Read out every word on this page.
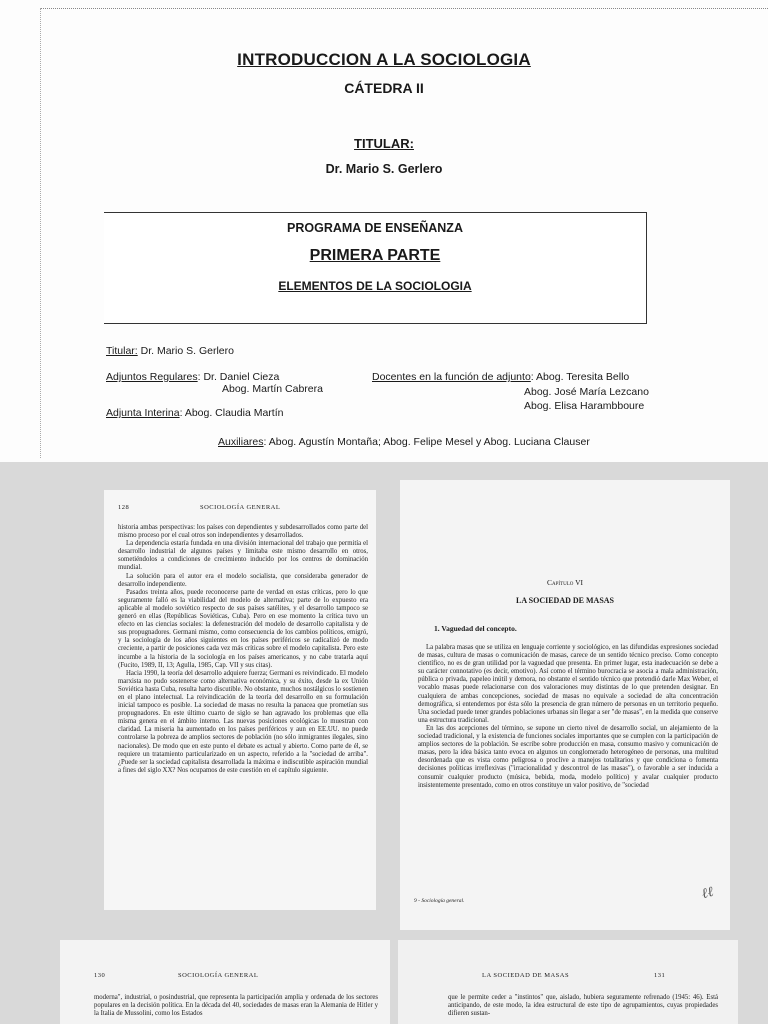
INTRODUCCION A LA SOCIOLOGIA
CÁTEDRA II
TITULAR:
Dr. Mario S. Gerlero
PROGRAMA DE ENSEÑANZA
PRIMERA PARTE
ELEMENTOS DE LA SOCIOLOGIA
Titular: Dr. Mario S. Gerlero
Adjuntos Regulares: Dr. Daniel Cieza
Abog. Martín Cabrera
Adjunta Interina: Abog. Claudia Martín
Docentes en la función de adjunto: Abog. Teresita Bello
Abog. José María Lezcano
Abog. Elisa Harambboure
Auxiliares: Abog. Agustín Montaña; Abog. Felipe Mesel y Abog. Luciana Clauser
128	SOCIOLOGÍA GENERAL

historia ambas perspectivas: los países con dependientes y subdesarrollados como parte del mismo proceso por el cual otros son independientes y desarrollados.

La dependencia estaría fundada en una división internacional del trabajo que permitía el desarrollo industrial de algunos países y limitaba este mismo desarrollo en otros, sometiéndolos a condiciones de crecimiento inducido por los centros de dominación mundial.

La solución para el autor era el modelo socialista, que consideraba generador de desarrollo independiente.

Pasados treinta años, puede reconocerse parte de verdad en estas críticas, pero lo que seguramente falló es la viabilidad del modelo de alternativa; parte de lo expuesto era aplicable al modelo soviético respecto de sus países satélites, y el desarrollo tampoco se generó en ellas (Repúblicas Soviéticas, Cuba). Pero en ese momento la crítica tuvo un efecto en las ciencias sociales: la defenestración del modelo de desarrollo capitalista y de sus propugnadores. Germani mismo, como consecuencia de los cambios políticos, emigró, y la sociología de los años siguientes en los países periféricos se radicalizó de modo creciente, a partir de posiciones cada vez más críticas sobre el modelo capitalista. Pero este incumbe a la historia de la sociología en los países americanos, y no cabe tratarla aquí (Fucito, 1989, II, 13; Agulla, 1985, Cap. VII y sus citas).

Hacia 1990, la teoría del desarrollo adquiere fuerza; Germani es reivindicado. El modelo marxista no pudo sostenerse como alternativa económica, y su éxito, desde la ex Unión Soviética hasta Cuba, resulta harto discutible. No obstante, muchos nostálgicos lo sostienen en el plano intelectual. La reivindicación de la teoría del desarrollo en su formulación inicial tampoco es posible. La sociedad de masas no resulta la panacea que prometían sus propugnadores. En este último cuarto de siglo se han agravado los problemas que ella misma genera en el ámbito interno. Las nuevas posiciones ecológicas lo muestran con claridad. La miseria ha aumentado en los países periféricos y aun en EE.UU. no puede controlarse la pobreza de amplios sectores de población (no sólo inmigrantes ilegales, sino nacionales). De modo que en este punto el debate es actual y abierto. Como parte de él, se requiere un tratamiento particularizado en un aspecto, referido a la "sociedad de arriba". ¿Puede ser la sociedad capitalista desarrollada la máxima e indiscutible aspiración mundial a fines del siglo XX? Nos ocupamos de este cuestión en el capítulo siguiente.

Capítulo VI
LA SOCIEDAD DE MASAS
1. Vaguedad del concepto.

La palabra masas que se utiliza en lenguaje corriente y sociológico, en las difundidas expresiones sociedad de masas, cultura de masas o comunicación de masas, carece de un sentido técnico preciso. Como concepto científico, no es de gran utilidad por la vaguedad que presenta. En primer lugar, esta inadecuación se debe a su carácter connotativo (es decir, emotivo). Así como el término burocracia se asocia a mala administración, pública o privada, papeleo inútil y demora, no obstante el sentido técnico que pretendió darle Max Weber, el vocablo masas puede relacionarse con dos valoraciones muy distintas de lo que pretenden designar. En cualquiera de ambas concepciones, sociedad de masas no equivale a sociedad de alta concentración demográfica, si entendemos por ésta sólo la presencia de gran número de personas en un territorio pequeño. Una sociedad puede tener grandes poblaciones urbanas sin llegar a ser "de masas", en la medida que conserve una estructura tradicional.

En las dos acepciones del término, se supone un cierto nivel de desarrollo social, un alejamiento de la sociedad tradicional, y la existencia de funciones sociales importantes que se cumplen con la participación de amplios sectores de la población. Se escribe sobre producción en masa, consumo masivo y comunicación de masas, pero la idea básica tanto evoca en algunos un conglomerado heterogéneo de personas, una multitud desordenada que es vista como peligrosa o proclive a manejos totalitarios y que condiciona o fomenta decisiones políticas irreflexivas ("irracionalidad y descontrol de las masas"), o favorable a ser inducida a consumir cualquier producto (música, bebida, moda, modelo político) y avalar cualquier producto insistentemente presentado, como en otros constituye un valor positivo, de "sociedad

9 - Sociología general.	ℓℓ
130	SOCIOLOGÍA GENERAL

moderna", industrial, o posindustrial, que representa la participación amplia y ordenada de los sectores populares en la decisión política. En la década del 40, sociedades de masas eran la Alemania de Hitler y la Italia de Mussolini, como los Estados

LA SOCIEDAD DE MASAS	131

que le permite ceder a "instintos" que, aislado, hubiera seguramente refrenado (1945: 46). Está anticipando, de este modo, la idea estructural de este tipo de agrupamientos, cuyas propiedades difieren sustan-
